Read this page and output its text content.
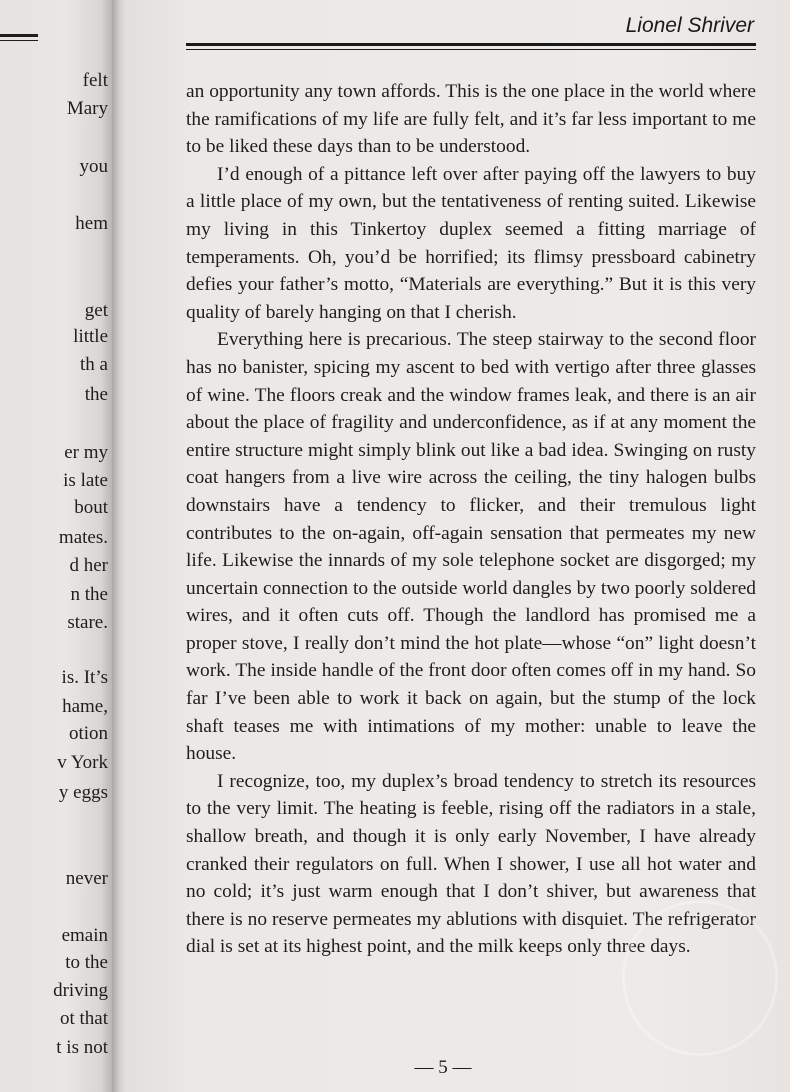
felt
Mary
you
hem
get
little
th a
the
er my
is late
bout
mates.
d her
n the
stare.
is. It’s
hame,
otion
v York
y eggs
never
emain
to the
driving
ot that
t is not
Lionel Shriver

an opportunity any town affords. This is the one place in the world where the ramifications of my life are fully felt, and it’s far less important to me to be liked these days than to be understood.

I’d enough of a pittance left over after paying off the lawyers to buy a little place of my own, but the tentativeness of renting suited. Likewise my living in this Tinkertoy duplex seemed a fitting marriage of temperaments. Oh, you’d be horrified; its flimsy pressboard cabinetry defies your father’s motto, “Materials are everything.” But it is this very quality of barely hanging on that I cherish.

Everything here is precarious. The steep stairway to the second floor has no banister, spicing my ascent to bed with vertigo after three glasses of wine. The floors creak and the window frames leak, and there is an air about the place of fragility and underconfidence, as if at any moment the entire structure might simply blink out like a bad idea. Swinging on rusty coat hangers from a live wire across the ceiling, the tiny halogen bulbs downstairs have a tendency to flicker, and their tremulous light contributes to the on-again, off-again sensation that permeates my new life. Likewise the innards of my sole telephone socket are disgorged; my uncertain connection to the outside world dangles by two poorly soldered wires, and it often cuts off. Though the landlord has promised me a proper stove, I really don’t mind the hot plate—whose “on” light doesn’t work. The inside handle of the front door often comes off in my hand. So far I’ve been able to work it back on again, but the stump of the lock shaft teases me with intimations of my mother: unable to leave the house.

I recognize, too, my duplex’s broad tendency to stretch its resources to the very limit. The heating is feeble, rising off the radiators in a stale, shallow breath, and though it is only early November, I have already cranked their regulators on full. When I shower, I use all hot water and no cold; it’s just warm enough that I don’t shiver, but awareness that there is no reserve permeates my ablutions with disquiet. The refrigerator dial is set at its highest point, and the milk keeps only three days.

— 5 —
